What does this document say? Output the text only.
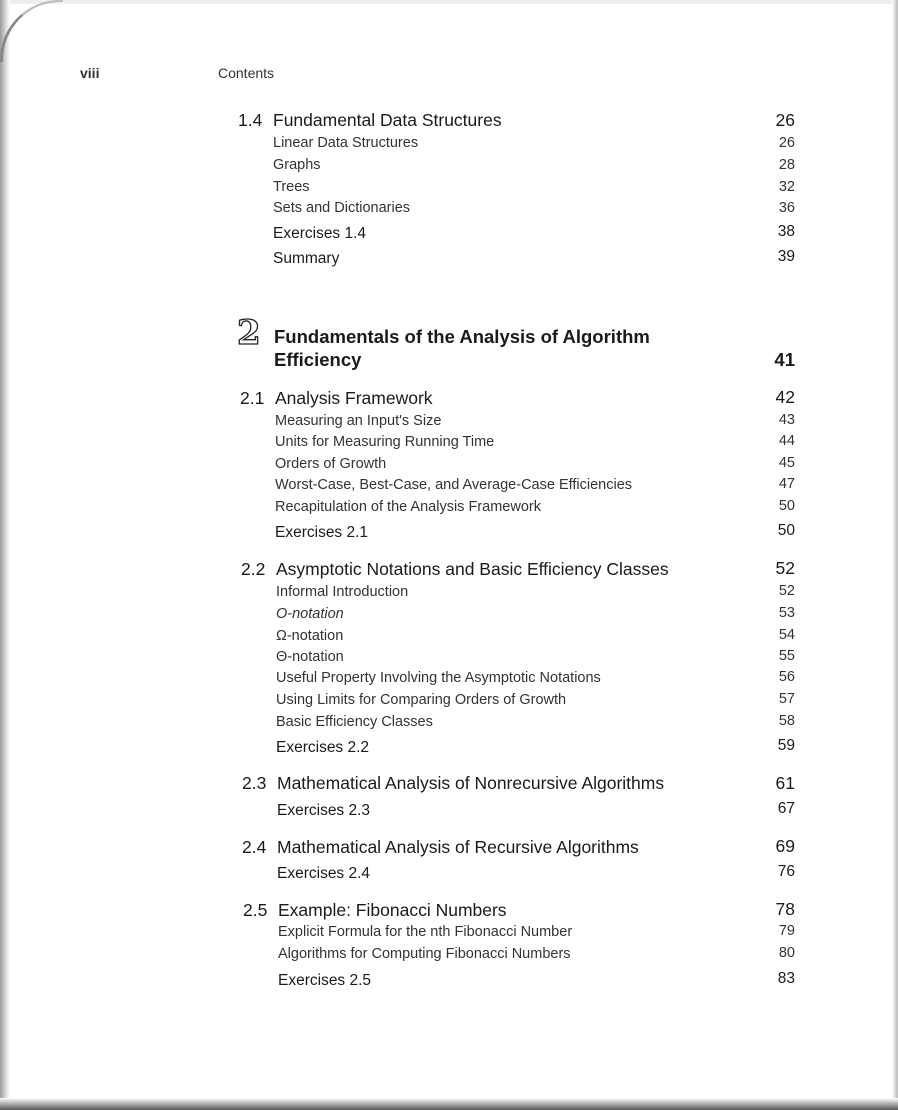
viii	Contents
1.4 Fundamental Data Structures	26
Linear Data Structures	26
Graphs	28
Trees	32
Sets and Dictionaries	36
Exercises 1.4	38
Summary	39
2 Fundamentals of the Analysis of Algorithm
Efficiency	41
2.1 Analysis Framework	42
Measuring an Input's Size	43
Units for Measuring Running Time	44
Orders of Growth	45
Worst-Case, Best-Case, and Average-Case Efficiencies	47
Recapitulation of the Analysis Framework	50
Exercises 2.1	50
2.2 Asymptotic Notations and Basic Efficiency Classes	52
Informal Introduction	52
O-notation	53
Ω-notation	54
Θ-notation	55
Useful Property Involving the Asymptotic Notations	56
Using Limits for Comparing Orders of Growth	57
Basic Efficiency Classes	58
Exercises 2.2	59
2.3 Mathematical Analysis of Nonrecursive Algorithms	61
Exercises 2.3	67
2.4 Mathematical Analysis of Recursive Algorithms	69
Exercises 2.4	76
2.5 Example: Fibonacci Numbers	78
Explicit Formula for the nth Fibonacci Number	79
Algorithms for Computing Fibonacci Numbers	80
Exercises 2.5	83
